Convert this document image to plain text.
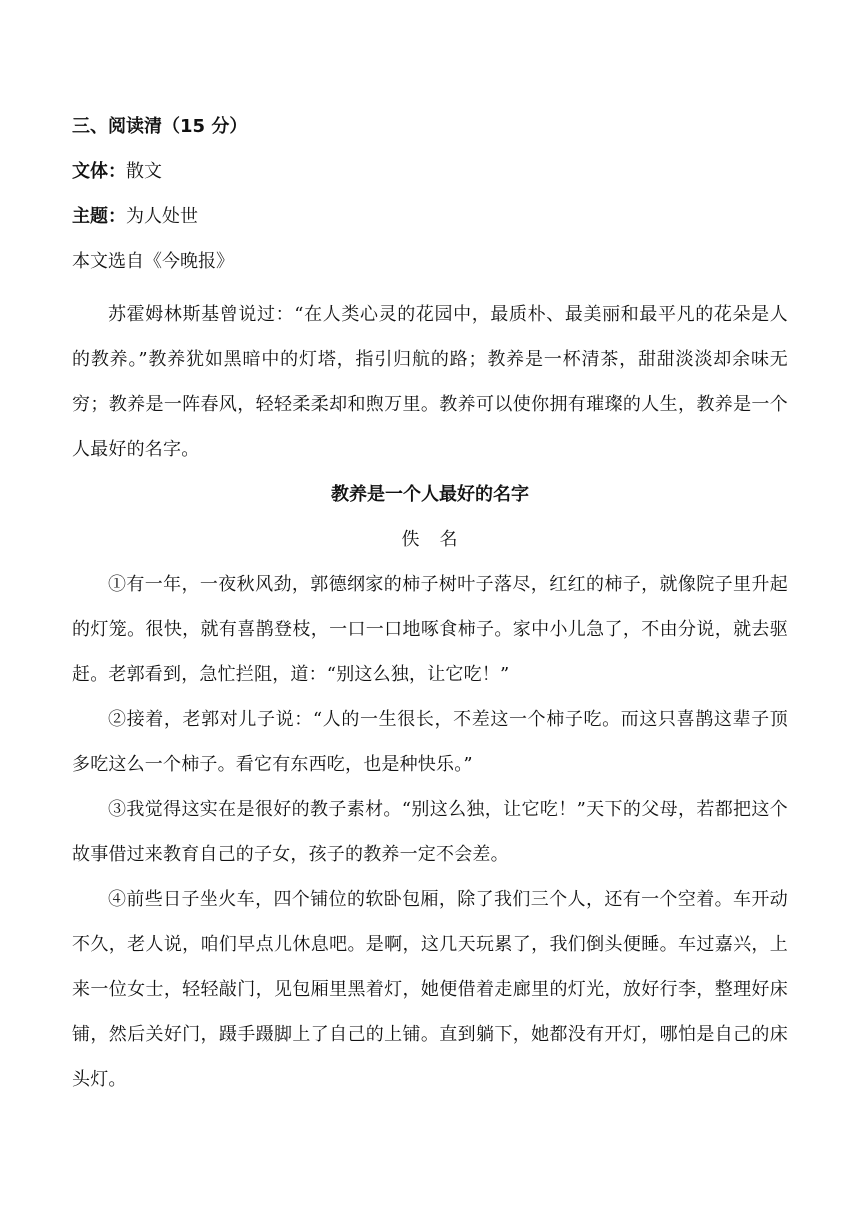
三、阅读清（15 分）

文体：散文

主题：为人处世

本文选自《今晚报》

苏霍姆林斯基曾说过：“在人类心灵的花园中，最质朴、最美丽和最平凡的花朵是人的教养。”教养犹如黑暗中的灯塔，指引归航的路；教养是一杯清茶，甜甜淡淡却余味无穷；教养是一阵春风，轻轻柔柔却和煦万里。教养可以使你拥有璀璨的人生，教养是一个人最好的名字。

教养是一个人最好的名字

佚　名

①有一年，一夜秋风劲，郭德纲家的柿子树叶子落尽，红红的柿子，就像院子里升起的灯笼。很快，就有喜鹊登枝，一口一口地啄食柿子。家中小儿急了，不由分说，就去驱赶。老郭看到，急忙拦阻，道：“别这么独，让它吃！”

②接着，老郭对儿子说：“人的一生很长，不差这一个柿子吃。而这只喜鹊这辈子顶多吃这么一个柿子。看它有东西吃，也是种快乐。”

③我觉得这实在是很好的教子素材。“别这么独，让它吃！”天下的父母，若都把这个故事借过来教育自己的子女，孩子的教养一定不会差。

④前些日子坐火车，四个铺位的软卧包厢，除了我们三个人，还有一个空着。车开动不久，老人说，咱们早点儿休息吧。是啊，这几天玩累了，我们倒头便睡。车过嘉兴，上来一位女士，轻轻敲门，见包厢里黑着灯，她便借着走廊里的灯光，放好行李，整理好床铺，然后关好门，蹑手蹑脚上了自己的上铺。直到躺下，她都没有开灯，哪怕是自己的床头灯。
